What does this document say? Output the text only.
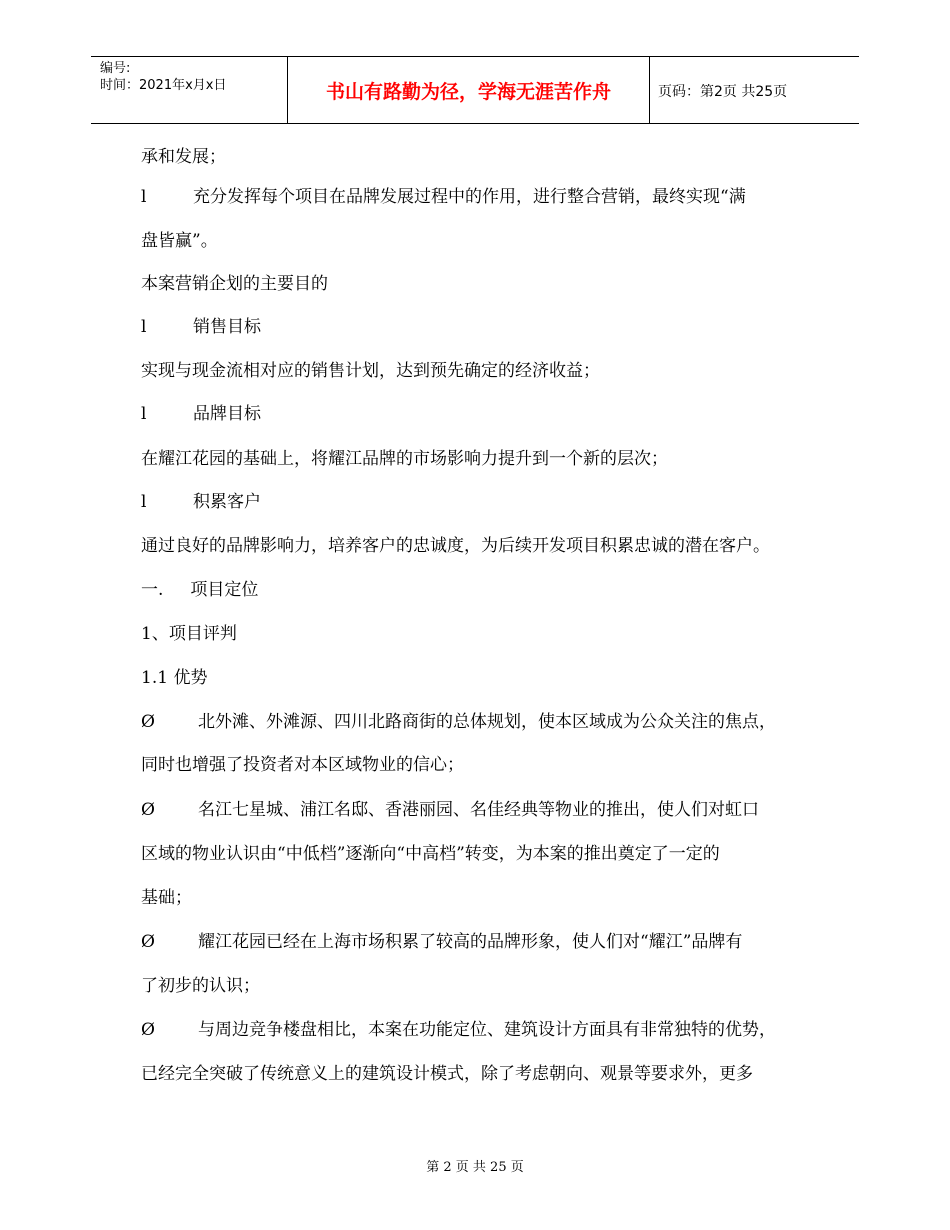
编号:
时间：2021年x月x日	书山有路勤为径，学海无涯苦作舟	页码：第2页 共25页
承和发展；
l	充分发挥每个项目在品牌发展过程中的作用，进行整合营销，最终实现“满
盘皆赢”。
本案营销企划的主要目的
l	销售目标
实现与现金流相对应的销售计划，达到预先确定的经济收益；
l	品牌目标
在耀江花园的基础上，将耀江品牌的市场影响力提升到一个新的层次；
l	积累客户
通过良好的品牌影响力，培养客户的忠诚度，为后续开发项目积累忠诚的潜在客户。
一.     项目定位
1、项目评判
1.1 优势
Ø	北外滩、外滩源、四川北路商街的总体规划，使本区域成为公众关注的焦点，
同时也增强了投资者对本区域物业的信心；
Ø	名江七星城、浦江名邸、香港丽园、名佳经典等物业的推出，使人们对虹口
区域的物业认识由“中低档”逐渐向“中高档”转变，为本案的推出奠定了一定的
基础；
Ø	耀江花园已经在上海市场积累了较高的品牌形象，使人们对“耀江”品牌有
了初步的认识；
Ø	与周边竞争楼盘相比，本案在功能定位、建筑设计方面具有非常独特的优势，
已经完全突破了传统意义上的建筑设计模式，除了考虑朝向、观景等要求外，更多
第 2 页 共 25 页
